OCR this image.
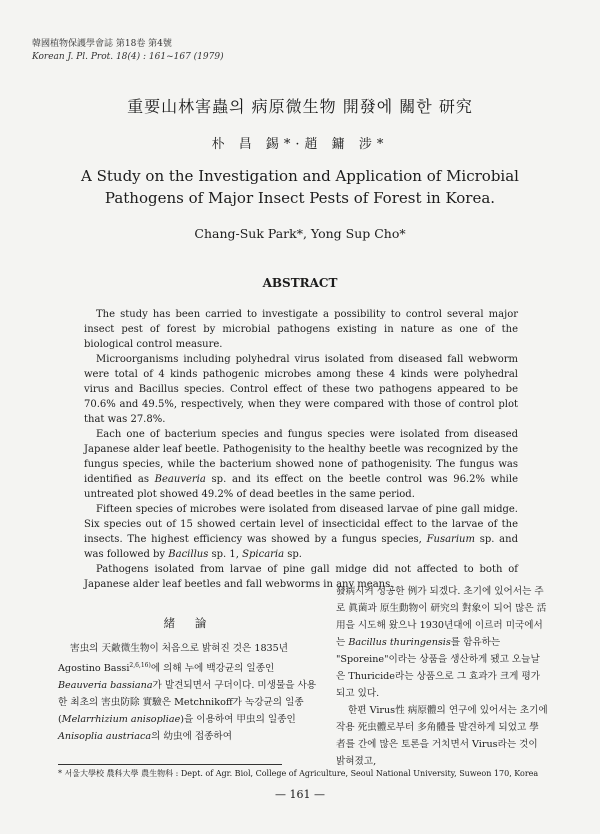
韓國植物保護學會誌 第18卷 第4號
Korean J. Pl. Prot. 18(4) : 161~167 (1979)
重要山林害蟲의 病原微生物 開發에 關한 研究
朴 昌 錫*·趙 鏞 涉*
A Study on the Investigation and Application of Microbial
Pathogens of Major Insect Pests of Forest in Korea.
Chang-Suk Park*, Yong Sup Cho*
ABSTRACT

The study has been carried to investigate a possibility to control several major insect pest of forest by microbial pathogens existing in nature as one of the biological control measure.

Microorganisms including polyhedral virus isolated from diseased fall webworm were total of 4 kinds pathogenic microbes among these 4 kinds were polyhedral virus and Bacillus species. Control effect of these two pathogens appeared to be 70.6% and 49.5%, respectively, when they were compared with those of control plot that was 27.8%.

Each one of bacterium species and fungus species were isolated from diseased Japanese alder leaf beetle. Pathogenisity to the healthy beetle was recognized by the fungus species, while the bacterium showed none of pathogenisity. The fungus was identified as Beauveria sp. and its effect on the beetle control was 96.2% while untreated plot showed 49.2% of dead beetles in the same period.

Fifteen species of microbes were isolated from diseased larvae of pine gall midge. Six species out of 15 showed certain level of insecticidal effect to the larvae of the insects. The highest efficiency was showed by a fungus species, Fusarium sp. and was followed by Bacillus sp. 1, Spicaria sp.

Pathogens isolated from larvae of pine gall midge did not affected to both of Japanese alder leaf beetles and fall webworms in any means.

緒 論

害虫의 天敵微生物이 처음으로 밝혀진 것은 1835년 Agostino Bassi$^{2,6,16)}$에 의해 누에 백강균의 일종인 Beauveria bassiana가 발견되면서 구더이다. 미생물을 사용한 최초의 害虫防除 實驗은 Metchnikoff가 녹강균의 일종(Melarrhizium anisopliae)을 이용하여 甲虫의 일종인 Anisoplia austriaca의 幼虫에 접종하여

發病시켜 성공한 例가 되겠다. 초기에 있어서는 주로 眞菌과 原生動物이 研究의 對象이 되어 많은 活用을 시도해 왔으나 1930년대에 이르러 미국에서는 Bacillus thuringensis를 함유하는 "Sporeine"이라는 상품을 생산하게 됐고 오늘날은 Thuricide라는 상품으로 그 효과가 크게 평가되고 있다.

한편 Virus性 病原體의 연구에 있어서는 초기에 작용 死虫體로부터 多角體를 발견하게 되었고 學者를 간에 많은 토론을 거치면서 Virus라는 것이 밝혀졌고,

* 서울大學校 農科大學 農生物科 : Dept. of Agr. Biol, College of Agriculture, Seoul National University, Suweon 170, Korea
— 161 —
